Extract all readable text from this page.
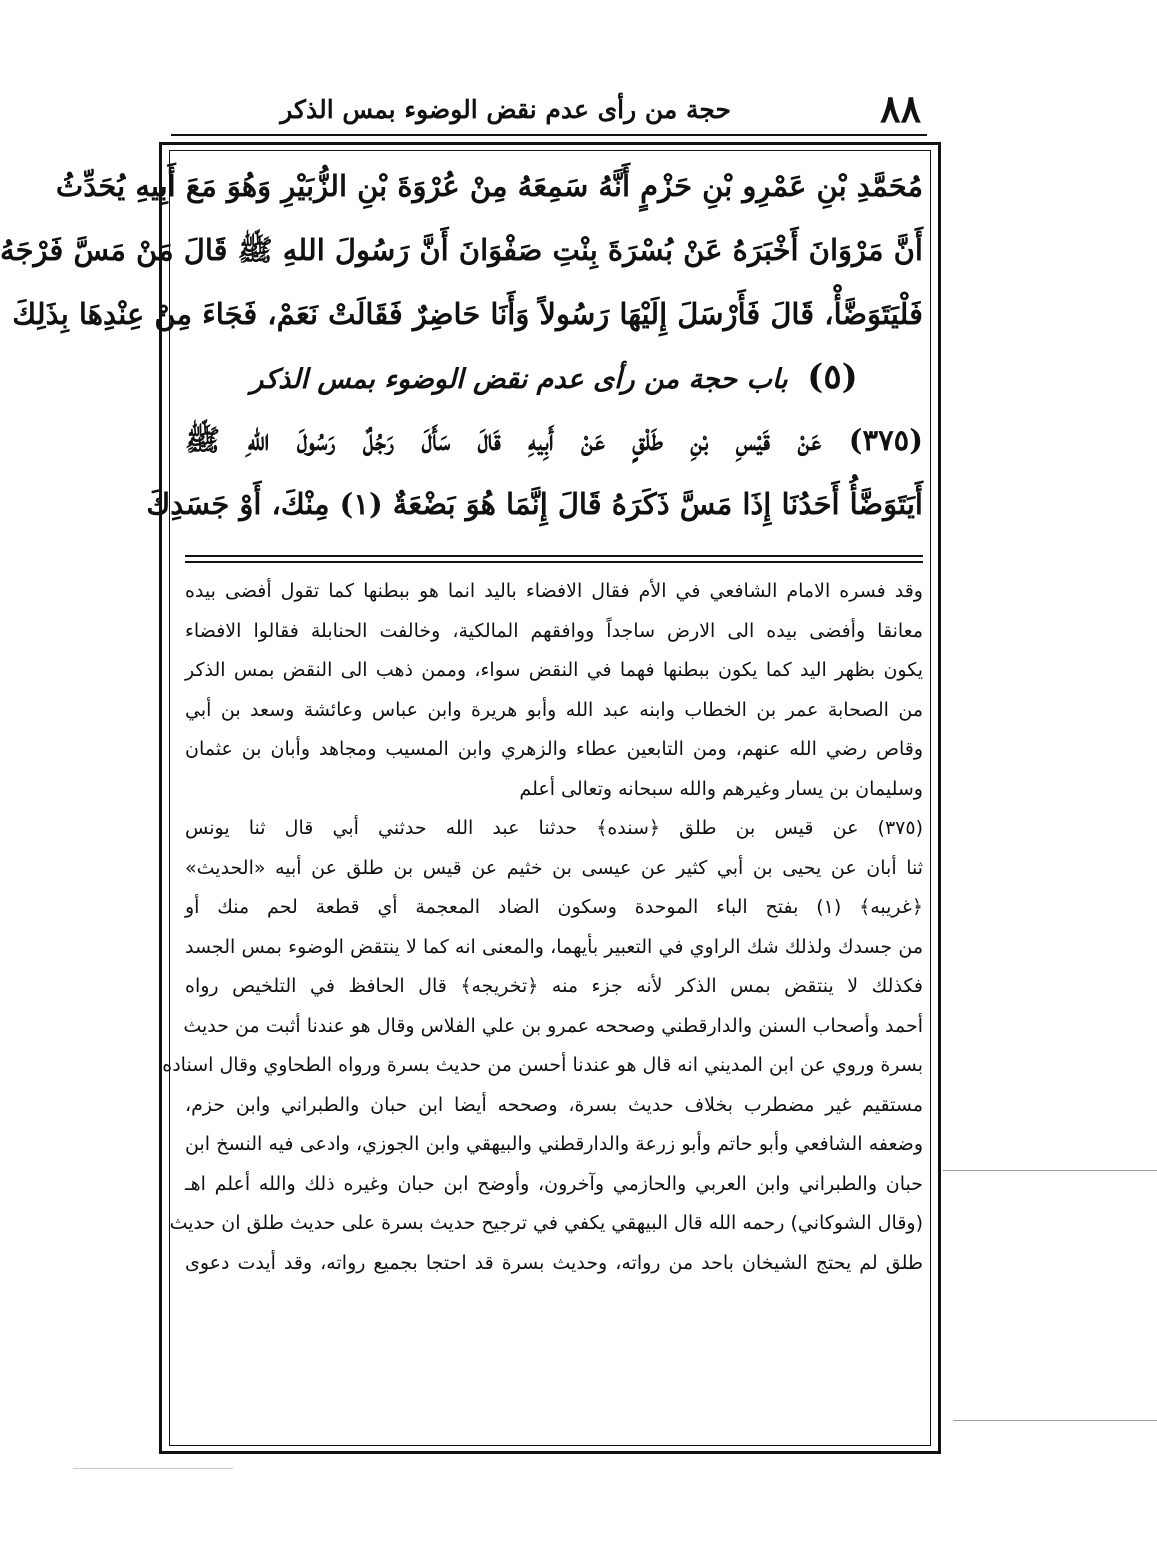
٨٨
حجة من رأى عدم نقض الوضوء بمس الذكر
مُحَمَّدِ بْنِ عَمْرِو بْنِ حَزْمٍ أَنَّهُ سَمِعَهُ مِنْ عُرْوَةَ بْنِ الزُّبَيْرِ وَهُوَ مَعَ أَبِيهِ يُحَدِّثُ
أَنَّ مَرْوَانَ أَخْبَرَهُ عَنْ بُسْرَةَ بِنْتِ صَفْوَانَ أَنَّ رَسُولَ اللهِ ﷺ قَالَ مَنْ مَسَّ فَرْجَهُ
فَلْيَتَوَضَّأْ، قَالَ فَأَرْسَلَ إِلَيْهَا رَسُولاً وَأَنَا حَاضِرٌ فَقَالَتْ نَعَمْ، فَجَاءَ مِنْ عِنْدِهَا بِذَلِكَ
(٥) باب حجة من رأى عدم نقض الوضوء بمس الذكر
(٣٧٥) عَنْ قَيْسِ بْنِ طَلْقٍ عَنْ أَبِيهِ قَالَ سَأَلَ رَجُلٌ رَسُولَ اللهِ ﷺ
أَيَتَوَضَّأُ أَحَدُنَا إِذَا مَسَّ ذَكَرَهُ قَالَ إِنَّمَا هُوَ بَضْعَةٌ (١) مِنْكَ، أَوْ جَسَدِكَ
وقد فسره الامام الشافعي في الأم فقال الافضاء باليد انما هو ببطنها كما تقول أفضى بيده
معانقا وأفضى بيده الى الارض ساجداً ووافقهم المالكية، وخالفت الحنابلة فقالوا الافضاء
يكون بظهر اليد كما يكون ببطنها فهما في النقض سواء، وممن ذهب الى النقض بمس الذكر
من الصحابة عمر بن الخطاب وابنه عبد الله وأبو هريرة وابن عباس وعائشة وسعد بن أبي
وقاص رضي الله عنهم، ومن التابعين عطاء والزهري وابن المسيب ومجاهد وأبان بن عثمان
وسليمان بن يسار وغيرهم والله سبحانه وتعالى أعلم
(٣٧٥) عن قيس بن طلق ﴿سنده﴾ حدثنا عبد الله حدثني أبي قال ثنا يونس
ثنا أبان عن يحيى بن أبي كثير عن عيسى بن خثيم عن قيس بن طلق عن أبيه «الحديث»
﴿غريبه﴾ (١) بفتح الباء الموحدة وسكون الضاد المعجمة أي قطعة لحم منك أو
من جسدك ولذلك شك الراوي في التعبير بأيهما، والمعنى انه كما لا ينتقض الوضوء بمس الجسد
فكذلك لا ينتقض بمس الذكر لأنه جزء منه ﴿تخريجه﴾ قال الحافظ في التلخيص رواه
أحمد وأصحاب السنن والدارقطني وصححه عمرو بن علي الفلاس وقال هو عندنا أثبت من حديث
بسرة وروي عن ابن المديني انه قال هو عندنا أحسن من حديث بسرة ورواه الطحاوي وقال اسناده
مستقيم غير مضطرب بخلاف حديث بسرة، وصححه أيضا ابن حبان والطبراني وابن حزم،
وضعفه الشافعي وأبو حاتم وأبو زرعة والدارقطني والبيهقي وابن الجوزي، وادعى فيه النسخ ابن
حبان والطبراني وابن العربي والحازمي وآخرون، وأوضح ابن حبان وغيره ذلك والله أعلم اهـ
(وقال الشوكاني) رحمه الله قال البيهقي يكفي في ترجيح حديث بسرة على حديث طلق ان حديث
طلق لم يحتج الشيخان باحد من رواته، وحديث بسرة قد احتجا بجميع رواته، وقد أيدت دعوى
